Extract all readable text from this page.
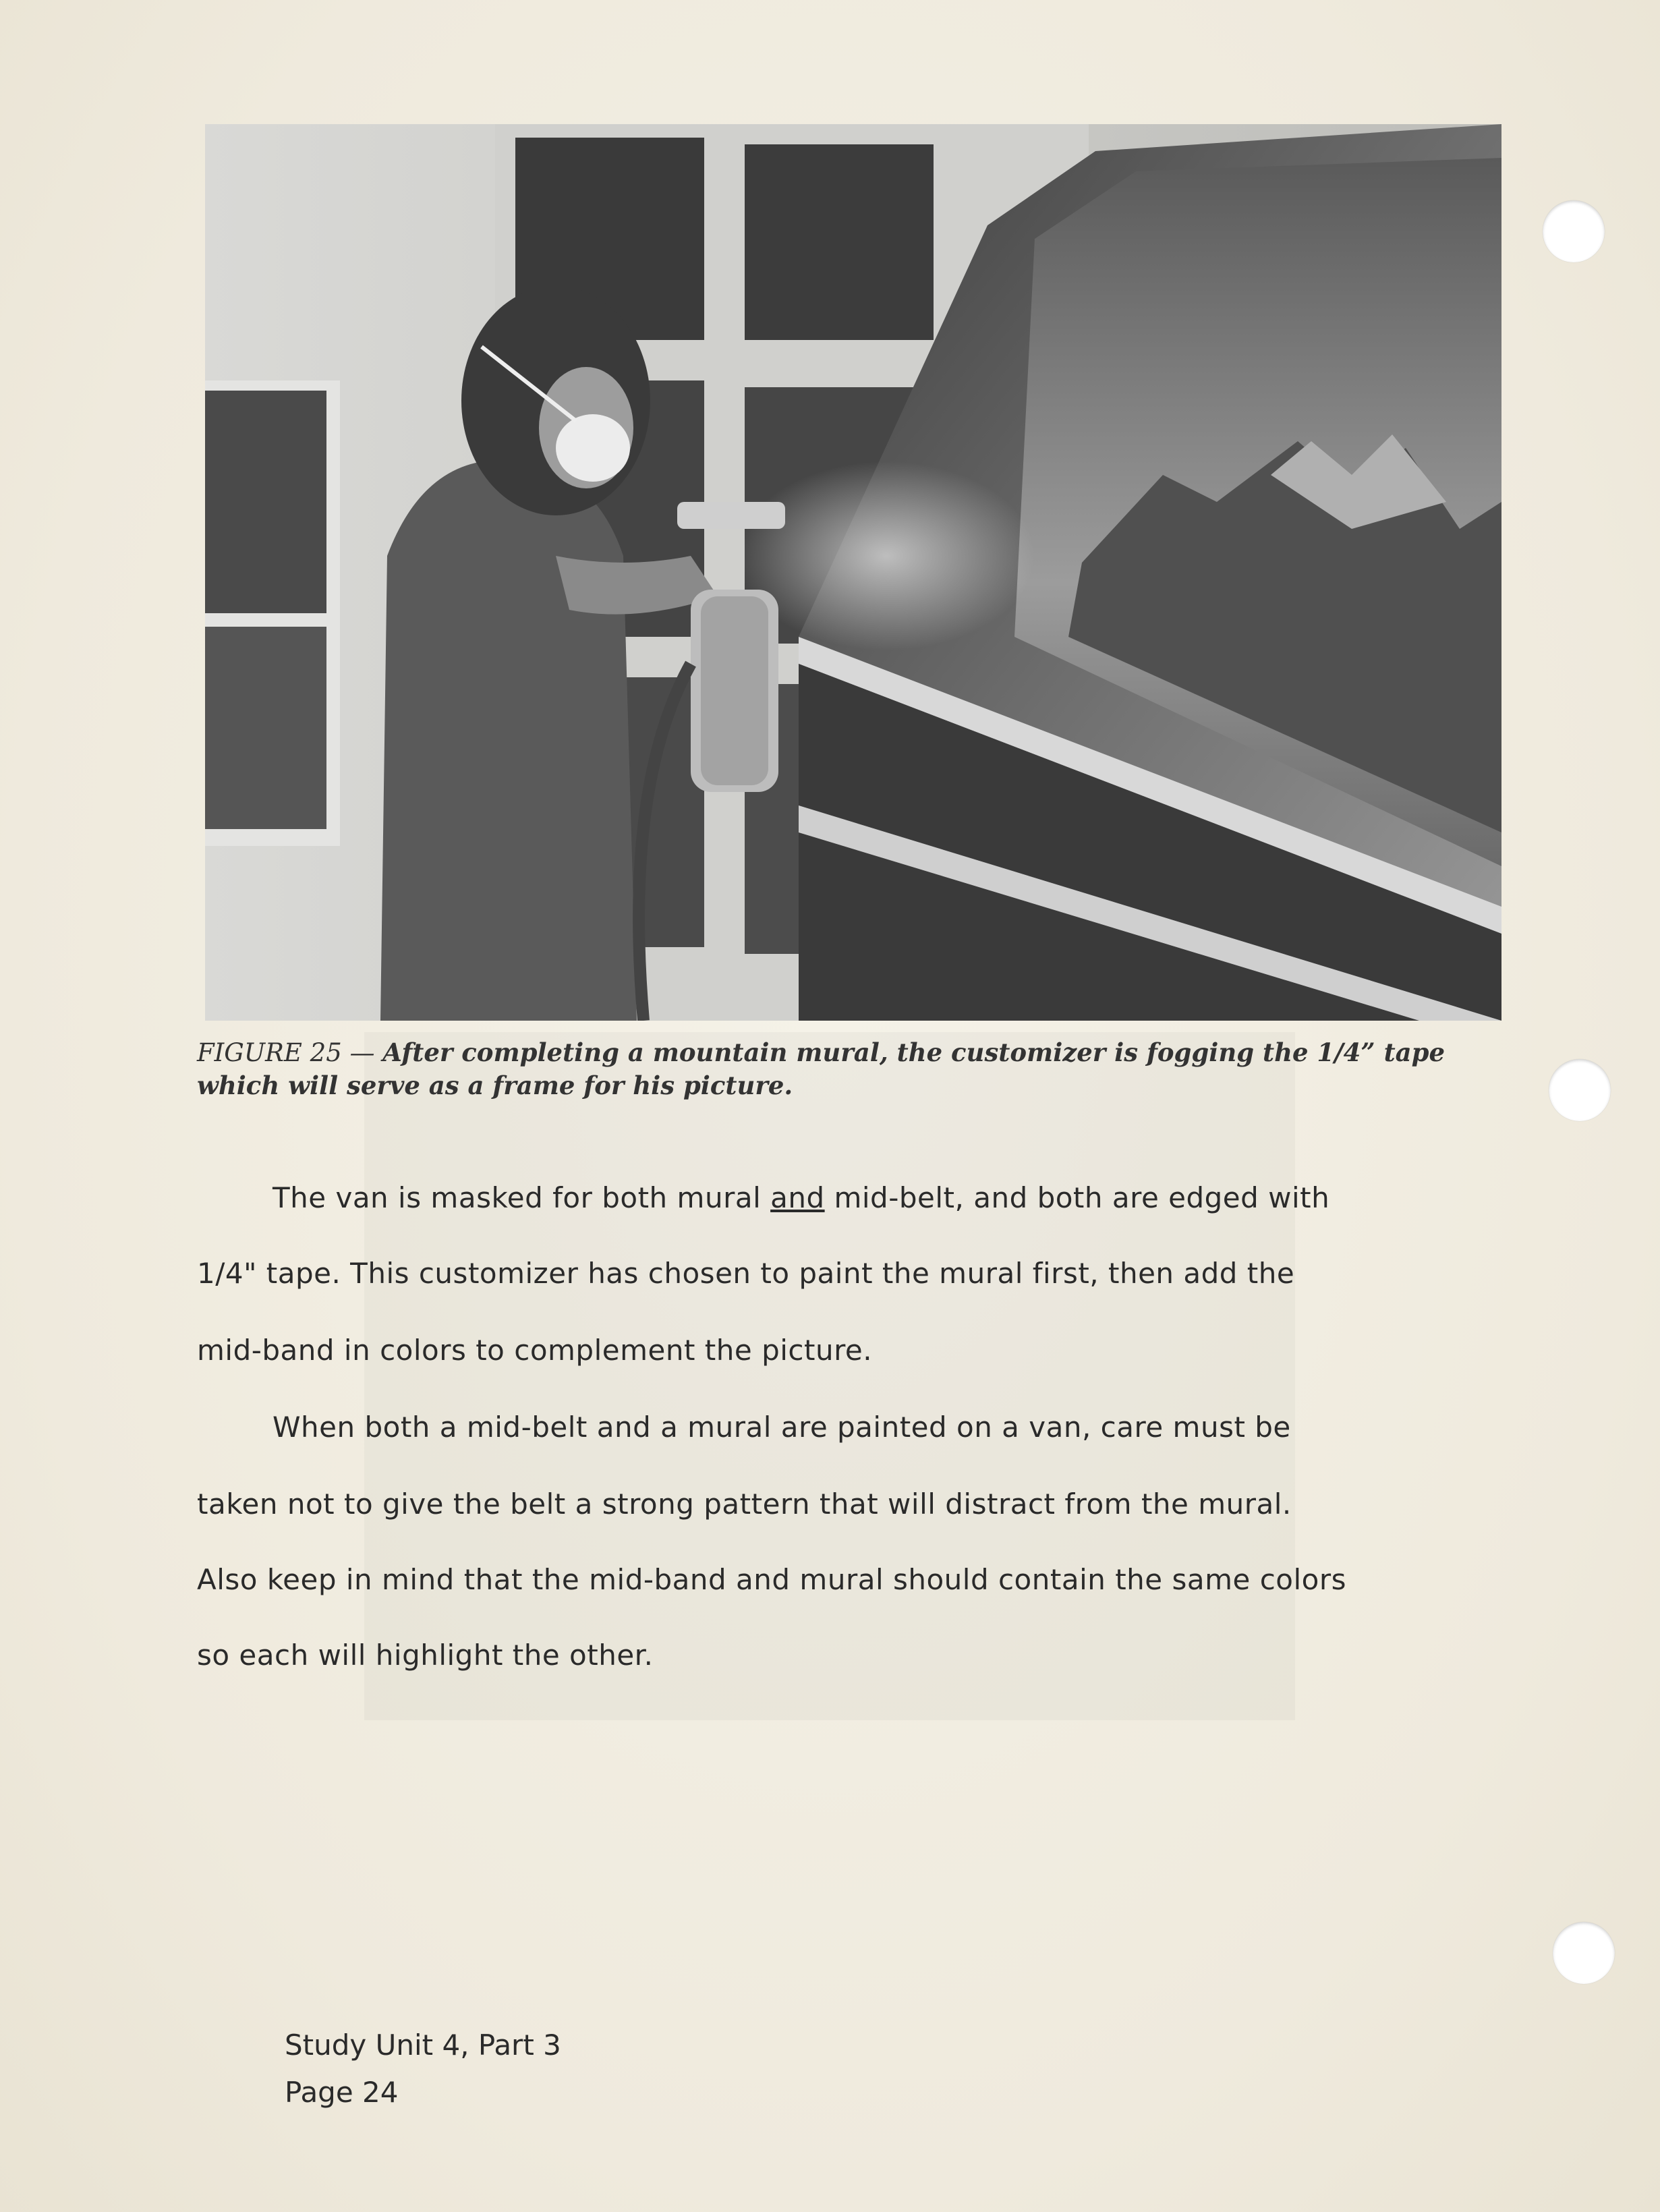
FIGURE 25 — After completing a mountain mural, the customizer is fogging the 1/4” tape which will serve as a frame for his picture.

The van is masked for both mural and mid-belt, and both are edged with

1/4" tape. This customizer has chosen to paint the mural first, then add the

mid-band in colors to complement the picture.

When both a mid-belt and a mural are painted on a van, care must be

taken not to give the belt a strong pattern that will distract from the mural.

Also keep in mind that the mid-band and mural should contain the same colors

so each will highlight the other.

Study Unit 4, Part 3

Page 24
